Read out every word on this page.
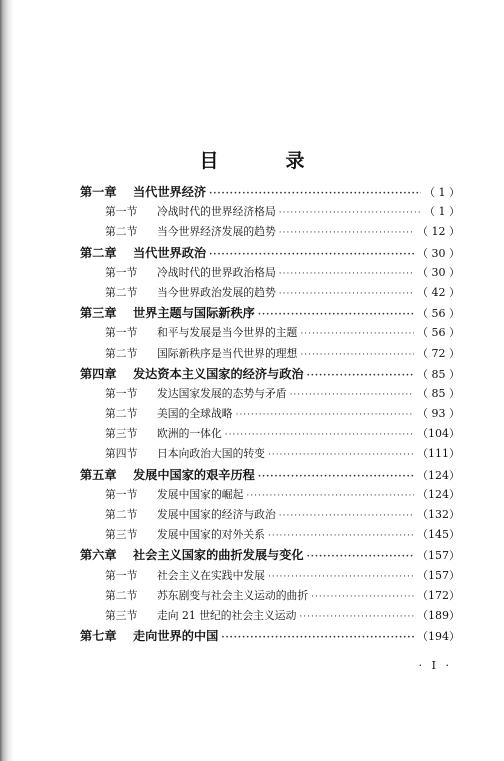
目　录
第一章	当代世界经济 ·····	（ 1 ）
第一节	冷战时代的世界经济格局 ·····	（ 1 ）
第二节	当今世界经济发展的趋势 ·····	（ 12 ）
第二章	当代世界政治 ·····	（ 30 ）
第一节	冷战时代的世界政治格局 ·····	（ 30 ）
第二节	当今世界政治发展的趋势 ·····	（ 42 ）
第三章	世界主题与国际新秩序 ·····	（ 56 ）
第一节	和平与发展是当今世界的主题 ·····	（ 56 ）
第二节	国际新秩序是当代世界的理想 ·····	（ 72 ）
第四章	发达资本主义国家的经济与政治 ·····	（ 85 ）
第一节	发达国家发展的态势与矛盾 ·····	（ 85 ）
第二节	美国的全球战略 ·····	（ 93 ）
第三节	欧洲的一体化 ·····	（104）
第四节	日本向政治大国的转变 ·····	（111）
第五章	发展中国家的艰辛历程 ·····	（124）
第一节	发展中国家的崛起 ·····	（124）
第二节	发展中国家的经济与政治 ·····	（132）
第三节	发展中国家的对外关系 ·····	（145）
第六章	社会主义国家的曲折发展与变化 ·····	（157）
第一节	社会主义在实践中发展 ·····	（157）
第二节	苏东剧变与社会主义运动的曲折 ·····	（172）
第三节	走向 21 世纪的社会主义运动 ·····	（189）
第七章	走向世界的中国 ·····	（194）
· I ·
